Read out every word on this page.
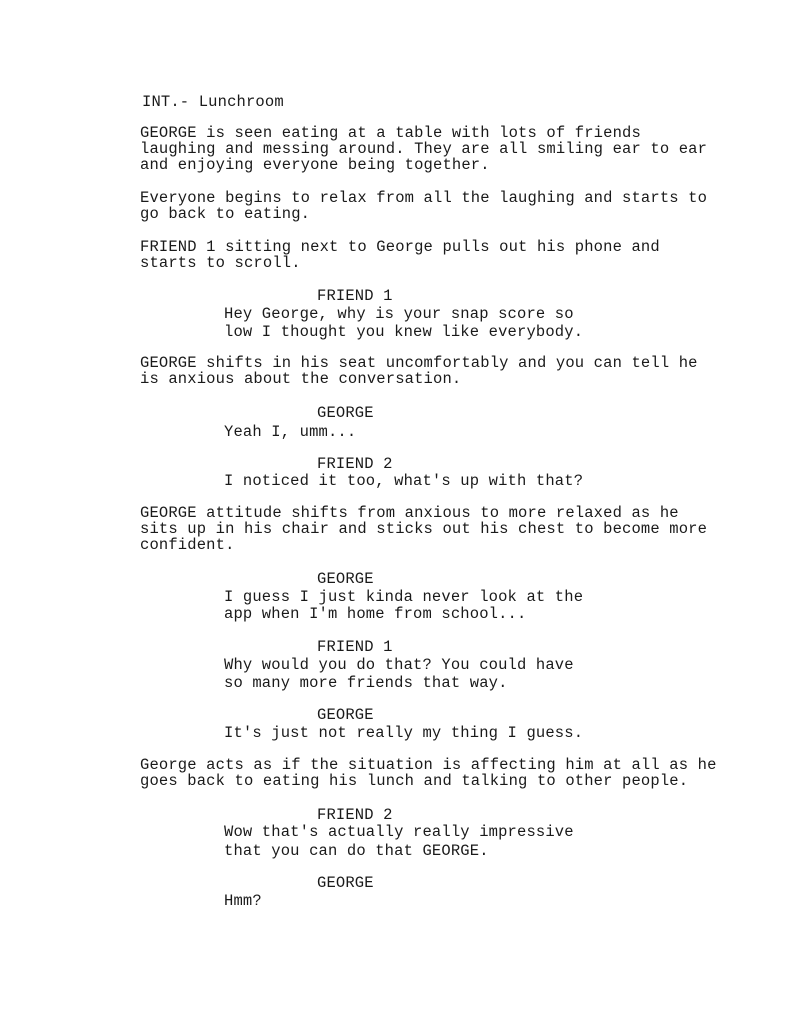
INT.- Lunchroom
GEORGE is seen eating at a table with lots of friends
laughing and messing around. They are all smiling ear to ear
and enjoying everyone being together.
Everyone begins to relax from all the laughing and starts to
go back to eating.
FRIEND 1 sitting next to George pulls out his phone and
starts to scroll.
FRIEND 1
Hey George, why is your snap score so
low I thought you knew like everybody.
GEORGE shifts in his seat uncomfortably and you can tell he
is anxious about the conversation.
GEORGE
Yeah I, umm...
FRIEND 2
I noticed it too, what's up with that?
GEORGE attitude shifts from anxious to more relaxed as he
sits up in his chair and sticks out his chest to become more
confident.
GEORGE
I guess I just kinda never look at the
app when I'm home from school...
FRIEND 1
Why would you do that? You could have
so many more friends that way.
GEORGE
It's just not really my thing I guess.
George acts as if the situation is affecting him at all as he
goes back to eating his lunch and talking to other people.
FRIEND 2
Wow that's actually really impressive
that you can do that GEORGE.
GEORGE
Hmm?
